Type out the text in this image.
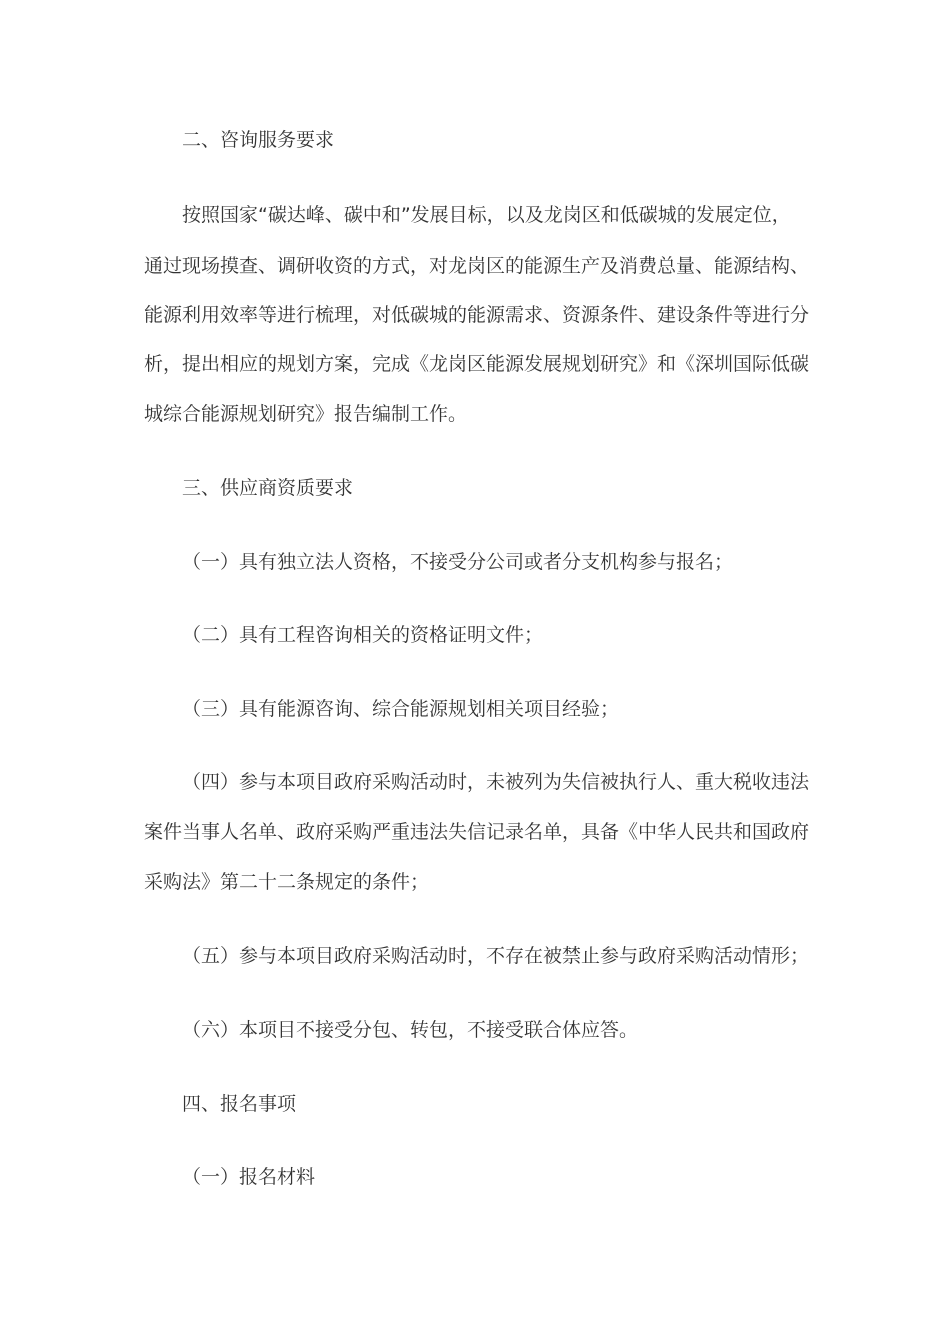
二、咨询服务要求
按照国家“碳达峰、碳中和”发展目标，以及龙岗区和低碳城的发展定位，
通过现场摸查、调研收资的方式，对龙岗区的能源生产及消费总量、能源结构、
能源利用效率等进行梳理，对低碳城的能源需求、资源条件、建设条件等进行分
析，提出相应的规划方案，完成《龙岗区能源发展规划研究》和《深圳国际低碳
城综合能源规划研究》报告编制工作。
三、供应商资质要求
（一）具有独立法人资格，不接受分公司或者分支机构参与报名；
（二）具有工程咨询相关的资格证明文件；
（三）具有能源咨询、综合能源规划相关项目经验；
（四）参与本项目政府采购活动时，未被列为失信被执行人、重大税收违法
案件当事人名单、政府采购严重违法失信记录名单，具备《中华人民共和国政府
采购法》第二十二条规定的条件；
（五）参与本项目政府采购活动时，不存在被禁止参与政府采购活动情形；
（六）本项目不接受分包、转包，不接受联合体应答。
四、报名事项
（一）报名材料
